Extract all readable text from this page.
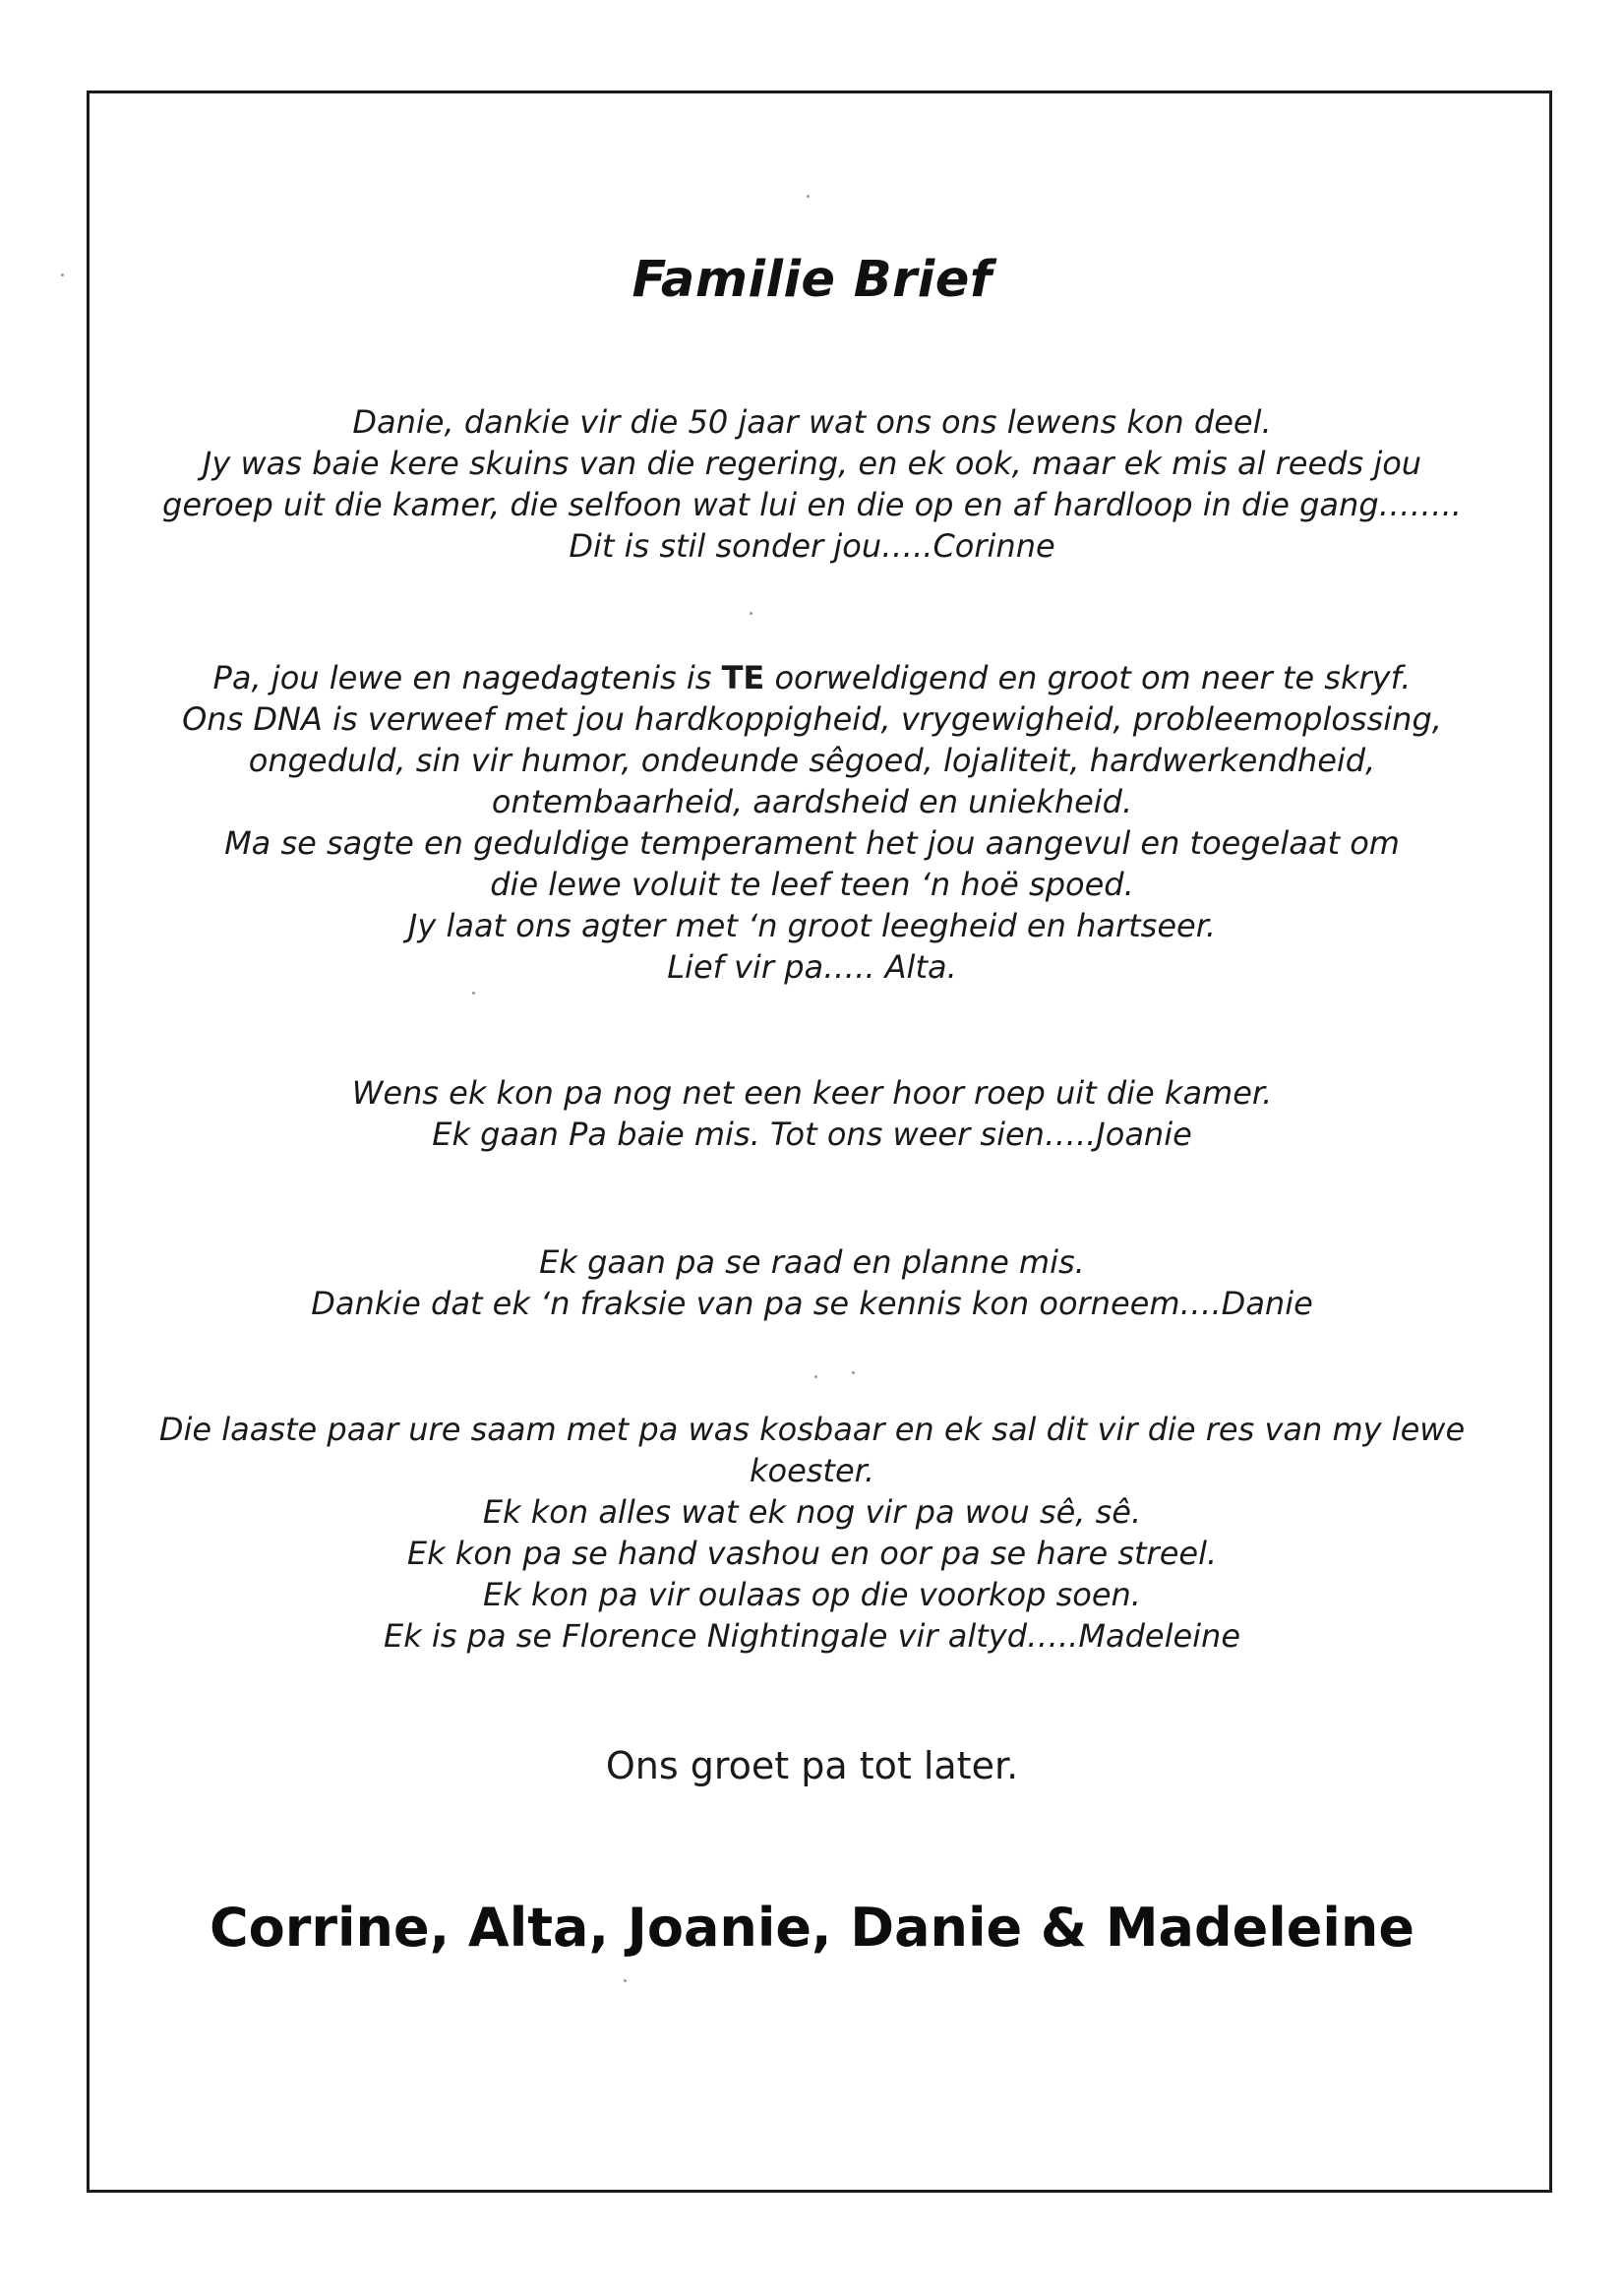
Familie Brief
Danie, dankie vir die 50 jaar wat ons ons lewens kon deel.
Jy was baie kere skuins van die regering, en ek ook, maar ek mis al reeds jou
geroep uit die kamer, die selfoon wat lui en die op en af hardloop in die gang……..
Dit is stil sonder jou…..Corinne
Pa, jou lewe en nagedagtenis is TE oorweldigend en groot om neer te skryf.
Ons DNA is verweef met jou hardkoppigheid, vrygewigheid, probleemoplossing,
ongeduld, sin vir humor, ondeunde sêgoed, lojaliteit, hardwerkendheid,
ontembaarheid, aardsheid en uniekheid.
Ma se sagte en geduldige temperament het jou aangevul en toegelaat om
die lewe voluit te leef teen ‘n hoë spoed.
Jy laat ons agter met ‘n groot leegheid en hartseer.
Lief vir pa….. Alta.
Wens ek kon pa nog net een keer hoor roep uit die kamer.
Ek gaan Pa baie mis. Tot ons weer sien…..Joanie
Ek gaan pa se raad en planne mis.
Dankie dat ek ‘n fraksie van pa se kennis kon oorneem….Danie
Die laaste paar ure saam met pa was kosbaar en ek sal dit vir die res van my lewe koester.
Ek kon alles wat ek nog vir pa wou sê, sê.
Ek kon pa se hand vashou en oor pa se hare streel.
Ek kon pa vir oulaas op die voorkop soen.
Ek is pa se Florence Nightingale vir altyd…..Madeleine
Ons groet pa tot later.
Corrine, Alta, Joanie, Danie & Madeleine
